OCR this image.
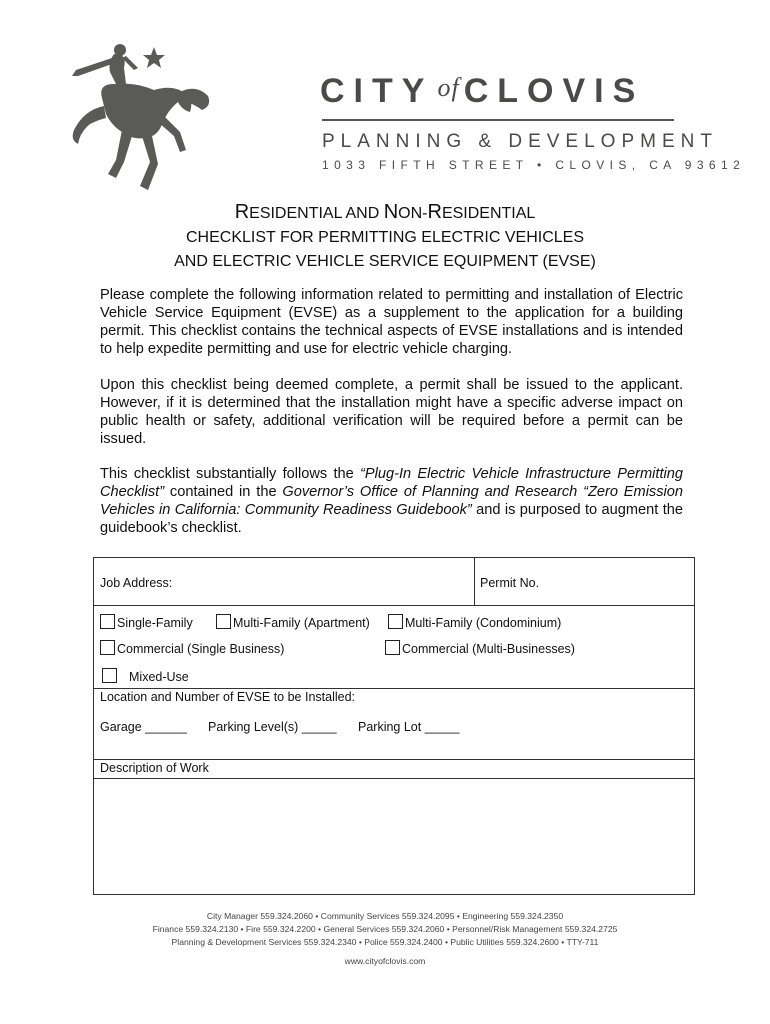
CITY of CLOVIS
PLANNING & DEVELOPMENT
1033 FIFTH STREET • CLOVIS, CA 93612
RESIDENTIAL AND NON-RESIDENTIAL
CHECKLIST FOR PERMITTING ELECTRIC VEHICLES
AND ELECTRIC VEHICLE SERVICE EQUIPMENT (EVSE)
Please complete the following information related to permitting and installation of Electric Vehicle Service Equipment (EVSE) as a supplement to the application for a building permit. This checklist contains the technical aspects of EVSE installations and is intended to help expedite permitting and use for electric vehicle charging.
Upon this checklist being deemed complete, a permit shall be issued to the applicant. However, if it is determined that the installation might have a specific adverse impact on public health or safety, additional verification will be required before a permit can be issued.
This checklist substantially follows the “Plug-In Electric Vehicle Infrastructure Permitting Checklist” contained in the Governor’s Office of Planning and Research “Zero Emission Vehicles in California: Community Readiness Guidebook” and is purposed to augment the guidebook’s checklist.
Job Address:	Permit No.
Single-Family	Multi-Family (Apartment)	Multi-Family (Condominium)
Commercial (Single Business)	Commercial (Multi-Businesses)
Mixed-Use
Location and Number of EVSE to be Installed:
Garage ______ Parking Level(s) _____ Parking Lot _____
Description of Work
City Manager 559.324.2060 • Community Services 559.324.2095 • Engineering 559.324.2350
Finance 559.324.2130 • Fire 559.324.2200 • General Services 559.324.2060 • Personnel/Risk Management 559.324.2725
Planning & Development Services 559.324.2340 • Police 559.324.2400 • Public Utilities 559.324.2600 • TTY-711
www.cityofclovis.com
